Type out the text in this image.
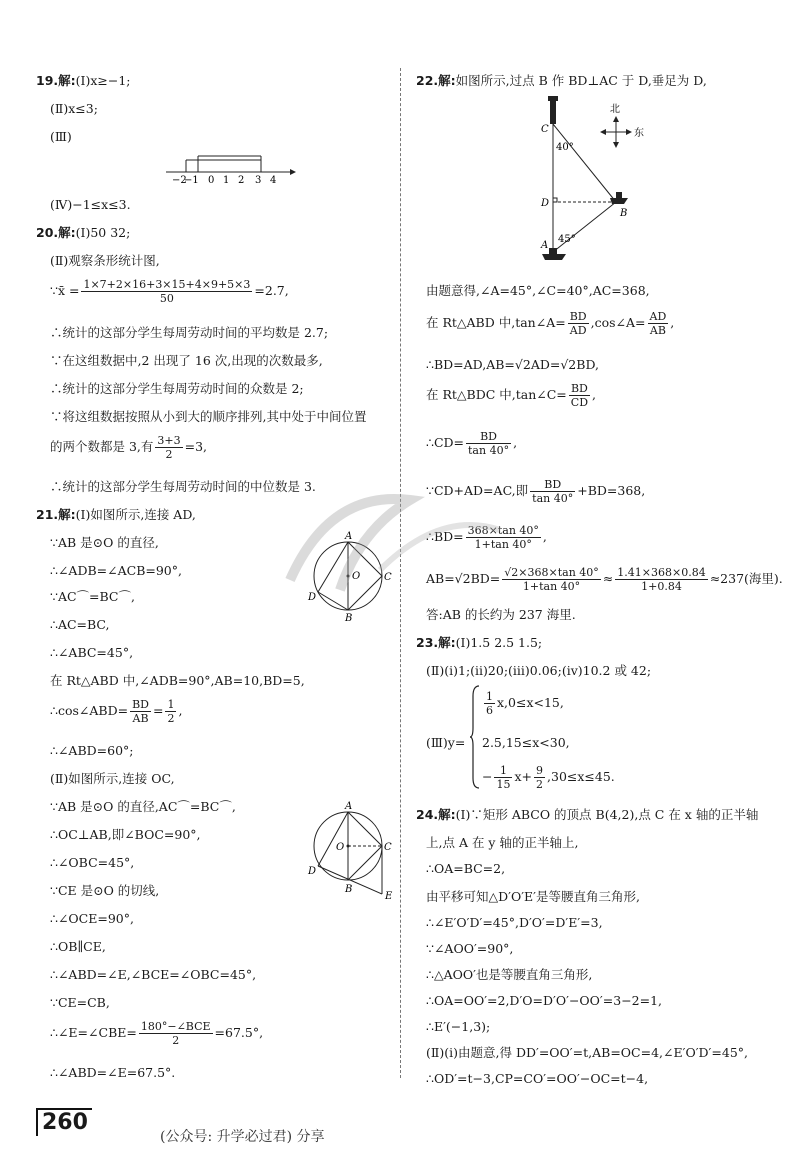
19.解:(Ⅰ)x≥−1;
(Ⅱ)x≤3;
(Ⅲ)
−2
−1 0 1 2 3 4
(Ⅳ)−1≤x≤3.
20.解:(Ⅰ)50 32;
(Ⅱ)观察条形统计图,
∵x̄ = $\frac{1\times 7+2\times 16+3\times 15+4\times 9+5\times 3}{50} =2.7$,
∴统计的这部分学生每周劳动时间的平均数是 2.7;
∵在这组数据中,2 出现了 16 次,出现的次数最多,
∴统计的这部分学生每周劳动时间的众数是 2;
∵将这组数据按照从小到大的顺序排列,其中处于中间位置
的两个数都是 3,有 $\frac{3+3}{2} =3$,
∴统计的这部分学生每周劳动时间的中位数是 3.
21.解:(Ⅰ)如图所示,连接 AD,
∵AB 是⊙O 的直径,
∴∠ADB=∠ACB=90°,
∵AC⌒=BC⌒,
∴AC=BC,
∴∠ABC=45°,
在 Rt△ABD 中,∠ADB=90°,AB=10,BD=5,
∴cos∠ABD= $\frac{BD}{AB} = \frac{1}{2}$ ,
∴∠ABD=60°;
(Ⅱ)如图所示,连接 OC,
∵AB 是⊙O 的直径,AC⌒=BC⌒,
∴OC⊥AB,即∠BOC=90°,
∴∠OBC=45°,
∵CE 是⊙O 的切线,
∴∠OCE=90°,
∴OB∥CE,
∴∠ABD=∠E,∠BCE=∠OBC=45°,
∵CE=CB,
∴∠E=∠CBE= $\frac{\text{180°−∠BCE}}{2} =67.5^\circ$,
∴∠ABD=∠E=67.5°.
A
O C
D
B
A
O	C
D
B
E
22.解:如图所示,过点 B 作 BD⊥AC 于 D,垂足为 D,
北
东
40°
45°
C
D
A
B
由题意得,∠A=45°,∠C=40°,AC=368,
在 Rt△ABD 中,tan∠A= $\frac{BD}{AD}$ ,cos∠A= $\frac{AD}{AB}$ ,
∴BD=AD,AB=√2AD=√2BD,
在 Rt△BDC 中,tan∠C= $\frac{BD}{CD}$ ,
∴CD= $\frac{BD}{\tan 40^\circ}$ ,
∵CD+AD=AC,即 $\frac{BD}{\tan 40^\circ} +BD=368$,
∴BD= $\frac{368\times\tan 40^\circ}{1+\tan 40^\circ}$ ,
$AB=√2BD= \frac{√2\times 368\times\tan 40^\circ}{1+\tan 40^\circ} \approx \frac{1.41\times 368\times 0.84}{1+0.84} \approx 237$(海里).
答:AB 的长约为 237 海里.
23.解:(Ⅰ)1.5 2.5 1.5;
(Ⅱ)(ⅰ)1;(ⅱ)20;(ⅲ)0.06;(ⅳ)10.2 或 42;
(Ⅲ)y=
$\frac{1}{6} x,0\le x<15$,
2.5,15≤x<30,
− $\frac{1}{15} x+ \frac{9}{2} ,30\le x\le 45$.
24.解:(Ⅰ)∵矩形 ABCO 的顶点 B(4,2),点 C 在 x 轴的正半轴
上,点 A 在 y 轴的正半轴上,
∴OA=BC=2,
由平移可知△D′O′E′是等腰直角三角形,
∴∠E′O′D′=45°,D′O′=D′E′=3,
∵∠AOO′=90°,
∴△AOO′也是等腰直角三角形,
∴OA=OO′=2,D′O=D′O′−OO′=3−2=1,
∴E′(−1,3);
(Ⅱ)(ⅰ)由题意,得 DD′=OO′=t,AB=OC=4,∠E′O′D′=45°,
∴OD′=t−3,CP=CO′=OO′−OC=t−4,
260
(公众号: 升学必过君) 分享
